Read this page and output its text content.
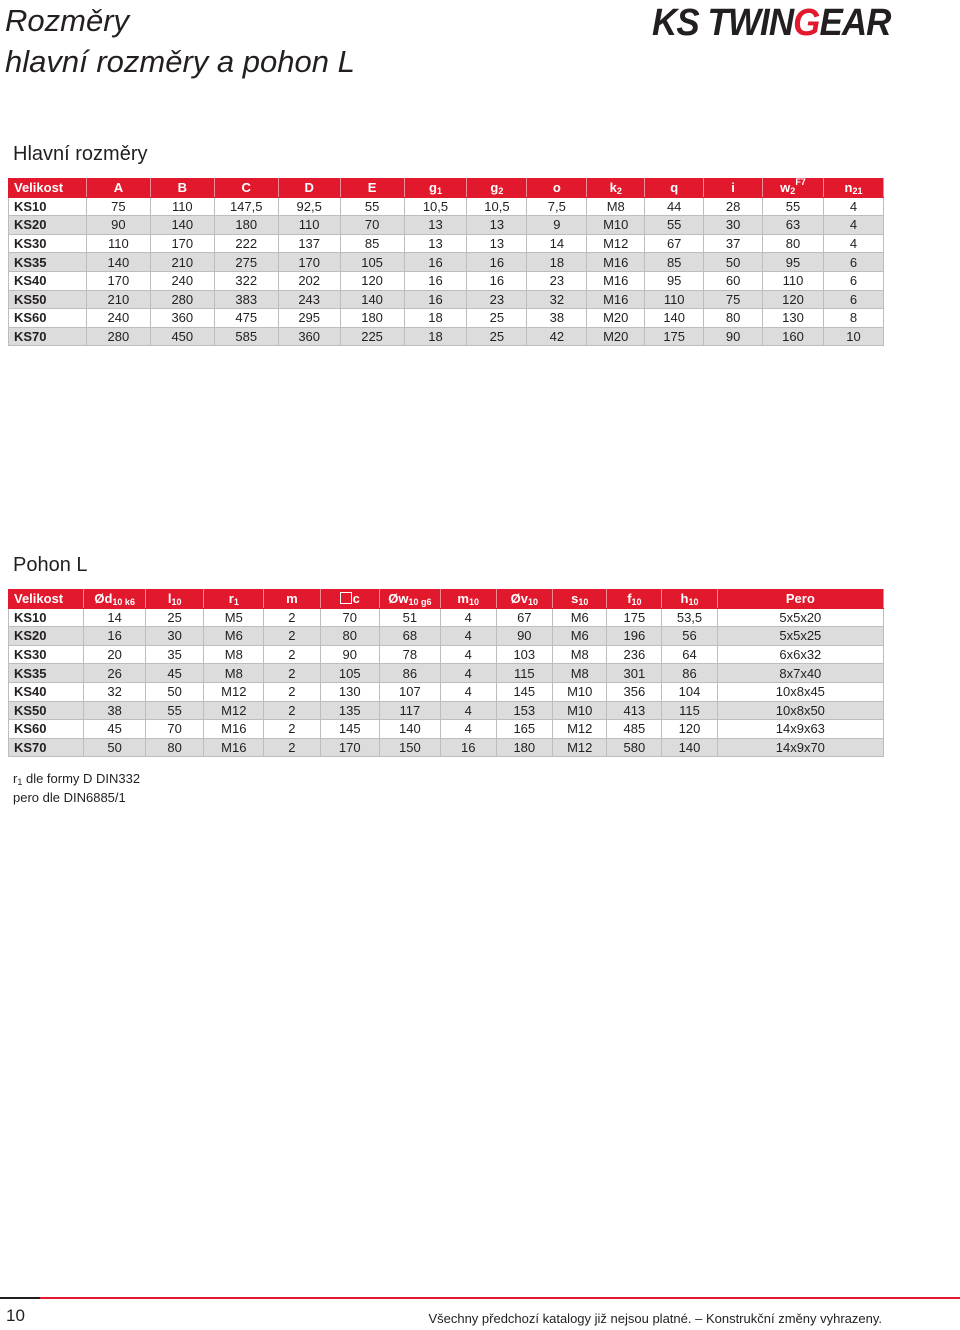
Rozměry
hlavní rozměry a pohon L
KS TWINGEAR
Hlavní rozměry
Velikost	A	B	C	D	E	$g_1$	$g_2$	o	$k_2$	q	i	$w_2^{F7}$	$n_{21}$
KS10	75	110	147,5	92,5	55	10,5	10,5	7,5	M8	44	28	55	4
KS20	90	140	180	110	70	13	13	9	M10	55	30	63	4
KS30	110	170	222	137	85	13	13	14	M12	67	37	80	4
KS35	140	210	275	170	105	16	16	18	M16	85	50	95	6
KS40	170	240	322	202	120	16	16	23	M16	95	60	110	6
KS50	210	280	383	243	140	16	23	32	M16	110	75	120	6
KS60	240	360	475	295	180	18	25	38	M20	140	80	130	8
KS70	280	450	585	360	225	18	25	42	M20	175	90	160	10
Pohon L
Velikost	$Ød_{10 k6}$	$l_{10}$	$r_1$	m	c	$Øw_{10 g6}$	$m_{10}$	$Øv_{10}$	$s_{10}$	$f_{10}$	$h_{10}$	Pero
KS10	14	25	M5	2	70	51	4	67	M6	175	53,5	5x5x20
KS20	16	30	M6	2	80	68	4	90	M6	196	56	5x5x25
KS30	20	35	M8	2	90	78	4	103	M8	236	64	6x6x32
KS35	26	45	M8	2	105	86	4	115	M8	301	86	8x7x40
KS40	32	50	M12	2	130	107	4	145	M10	356	104	10x8x45
KS50	38	55	M12	2	135	117	4	153	M10	413	115	10x8x50
KS60	45	70	M16	2	145	140	4	165	M12	485	120	14x9x63
KS70	50	80	M16	2	170	150	16	180	M12	580	140	14x9x70
$r_1$ dle formy D DIN332
pero dle DIN6885/1
10	Všechny předchozí katalogy již nejsou platné. – Konstrukční změny vyhrazeny.
